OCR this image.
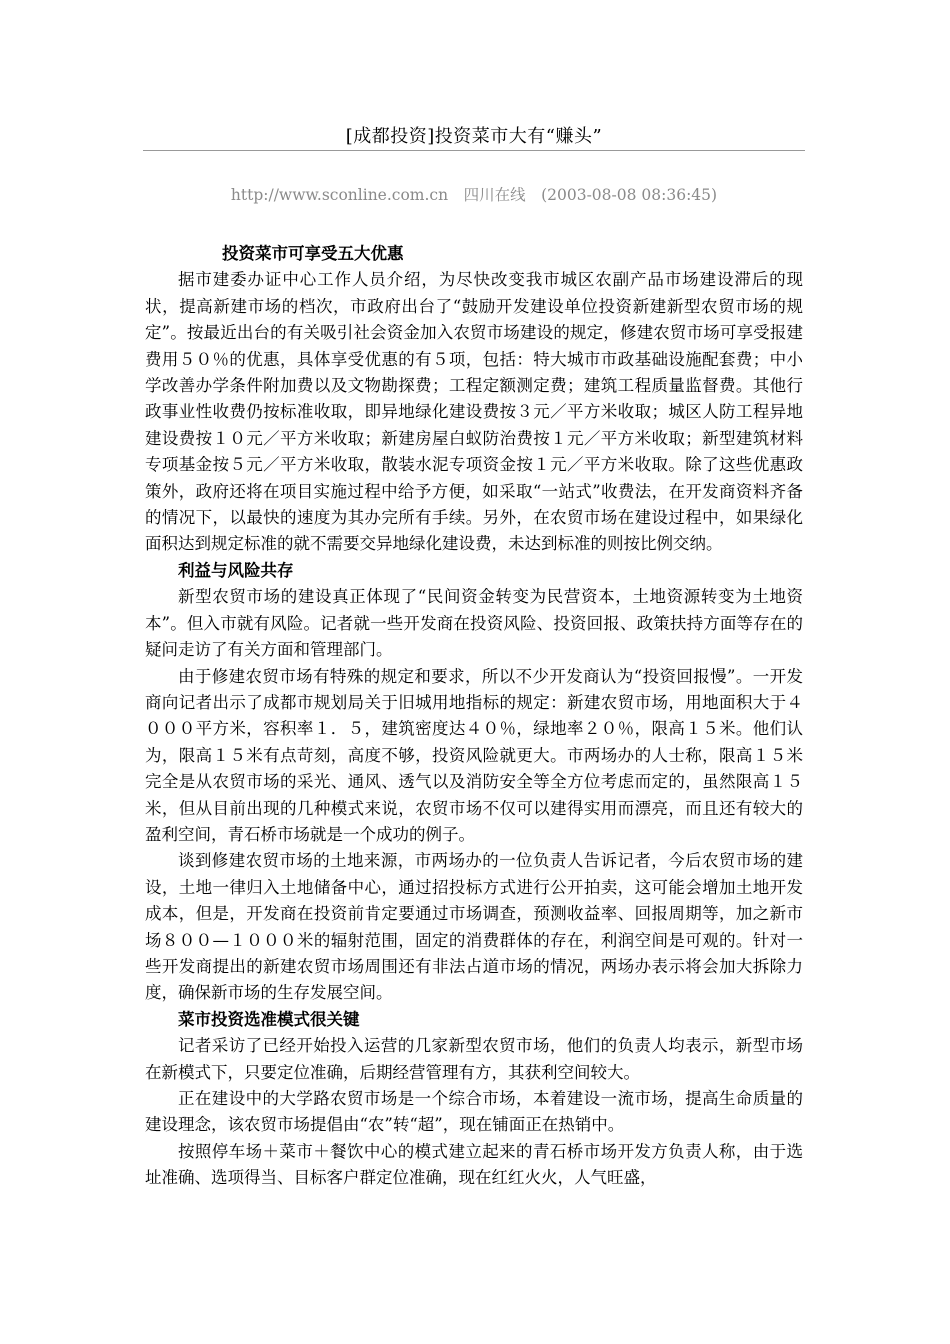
[成都投资]投资菜市大有“赚头”
http://www.sconline.com.cn　四川在线　(2003-08-08 08:36:45)

投资菜市可享受五大优惠

据市建委办证中心工作人员介绍，为尽快改变我市城区农副产品市场建设滞后的现状，提高新建市场的档次，市政府出台了“鼓励开发建设单位投资新建新型农贸市场的规定”。按最近出台的有关吸引社会资金加入农贸市场建设的规定，修建农贸市场可享受报建费用５０％的优惠，具体享受优惠的有５项，包括：特大城市市政基础设施配套费；中小学改善办学条件附加费以及文物勘探费；工程定额测定费；建筑工程质量监督费。其他行政事业性收费仍按标准收取，即异地绿化建设费按３元／平方米收取；城区人防工程异地建设费按１０元／平方米收取；新建房屋白蚁防治费按１元／平方米收取；新型建筑材料专项基金按５元／平方米收取，散装水泥专项资金按１元／平方米收取。除了这些优惠政策外，政府还将在项目实施过程中给予方便，如采取“一站式”收费法，在开发商资料齐备的情况下，以最快的速度为其办完所有手续。另外，在农贸市场在建设过程中，如果绿化面积达到规定标准的就不需要交异地绿化建设费，未达到标准的则按比例交纳。

利益与风险共存

新型农贸市场的建设真正体现了“民间资金转变为民营资本，土地资源转变为土地资本”。但入市就有风险。记者就一些开发商在投资风险、投资回报、政策扶持方面等存在的疑问走访了有关方面和管理部门。

由于修建农贸市场有特殊的规定和要求，所以不少开发商认为“投资回报慢”。一开发商向记者出示了成都市规划局关于旧城用地指标的规定：新建农贸市场，用地面积大于４０００平方米，容积率１．５，建筑密度达４０％，绿地率２０％，限高１５米。他们认为，限高１５米有点苛刻，高度不够，投资风险就更大。市两场办的人士称，限高１５米完全是从农贸市场的采光、通风、透气以及消防安全等全方位考虑而定的，虽然限高１５米，但从目前出现的几种模式来说，农贸市场不仅可以建得实用而漂亮，而且还有较大的盈利空间，青石桥市场就是一个成功的例子。

谈到修建农贸市场的土地来源，市两场办的一位负责人告诉记者，今后农贸市场的建设，土地一律归入土地储备中心，通过招投标方式进行公开拍卖，这可能会增加土地开发成本，但是，开发商在投资前肯定要通过市场调查，预测收益率、回报周期等，加之新市场８００—１０００米的辐射范围，固定的消费群体的存在，利润空间是可观的。针对一些开发商提出的新建农贸市场周围还有非法占道市场的情况，两场办表示将会加大拆除力度，确保新市场的生存发展空间。

菜市投资选准模式很关键

记者采访了已经开始投入运营的几家新型农贸市场，他们的负责人均表示，新型市场在新模式下，只要定位准确，后期经营管理有方，其获利空间较大。

正在建设中的大学路农贸市场是一个综合市场，本着建设一流市场，提高生命质量的建设理念，该农贸市场提倡由“农”转“超”，现在铺面正在热销中。

按照停车场＋菜市＋餐饮中心的模式建立起来的青石桥市场开发方负责人称，由于选址准确、选项得当、目标客户群定位准确，现在红红火火，人气旺盛，
